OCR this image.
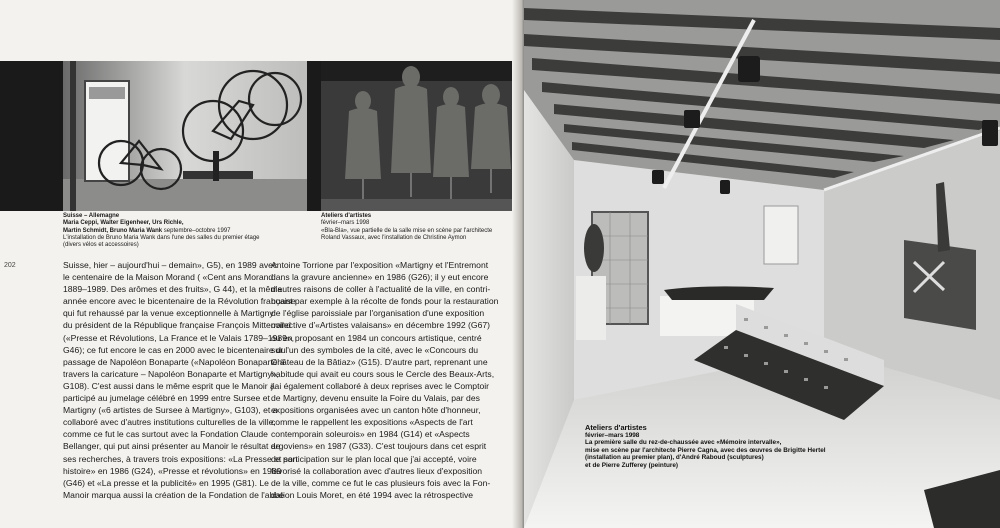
Suisse – Allemagne
Maria Ceppi, Walter Eigenheer, Urs Richle,
Martin Schmidt, Bruno Maria Wank septembre–octobre 1997
L'installation de Bruno Maria Wank dans l'une des salles du premier étage
(divers vélos et accessoires)
Ateliers d'artistes
février–mars 1998
«Bla-Bla», vue partielle de la salle mise en scène par l'architecte
Roland Vassaux, avec l'installation de Christine Aymon
202	Suisse, hier – aujourd'hui – demain», G5), en 1989 avec
le centenaire de la Maison Morand ( «Cent ans Morand
1889–1989. Des arômes et des fruits», G 44), et la même
année encore avec le bicentenaire de la Révolution française
qui fut rehaussé par la venue exceptionnelle à Martigny
du président de la République française François Mitterrand
(«Presse et Révolutions, La France et le Valais 1789–1989»,
G46); ce fut encore le cas en 2000 avec le bicentenaire du
passage de Napoléon Bonaparte («Napoléon Bonaparte à
travers la caricature – Napoléon Bonaparte et Martigny»,
G108). C'est aussi dans le même esprit que le Manoir a
participé au jumelage célébré en 1999 entre Sursee et
Martigny («6 artistes de Sursee à Martigny», G103), et a
collaboré avec d'autres institutions culturelles de la ville,
comme ce fut le cas surtout avec la Fondation Claude
Bellanger, qui put ainsi présenter au Manoir le résultat de
ses recherches, à travers trois expositions: «La Presse et son
histoire» en 1986 (G24), «Presse et révolutions» en 1989
(G46) et «La presse et la publicité» en 1995 (G81). Le
Manoir marqua aussi la création de la Fondation de l'abbé
Antoine Torrione par l'exposition «Martigny et l'Entremont
dans la gravure ancienne» en 1986 (G26); il y eut encore
d'autres raisons de coller à l'actualité de la ville, en contri-
buant par exemple à la récolte de fonds pour la restauration
de l'église paroissiale par l'organisation d'une exposition
collective d'«Artistes valaisans» en décembre 1992 (G67)
ou en proposant en 1984 un concours artistique, centré
sur l'un des symboles de la cité, avec le «Concours du
Château de la Bâtiaz» (G15). D'autre part, reprenant une
habitude qui avait eu cours sous le Cercle des Beaux-Arts,
j'ai également collaboré à deux reprises avec le Comptoir
de Martigny, devenu ensuite la Foire du Valais, par des
expositions organisées avec un canton hôte d'honneur,
comme le rappellent les expositions «Aspects de l'art
contemporain soleurois» en 1984 (G14) et «Aspects
argoviens» en 1987 (G33). C'est toujours dans cet esprit
de participation sur le plan local que j'ai accepté, voire
favorisé la collaboration avec d'autres lieux d'exposition
de la ville, comme ce fut le cas plusieurs fois avec la Fon-
dation Louis Moret, en été 1994 avec la rétrospective
Ateliers d'artistes
février–mars 1998
La première salle du rez-de-chaussée avec «Mémoire intervalle»,
mise en scène par l'architecte Pierre Cagna, avec des œuvres de Brigitte Hertel
(installation au premier plan), d'André Raboud (sculptures)
et de Pierre Zufferey (peinture)
